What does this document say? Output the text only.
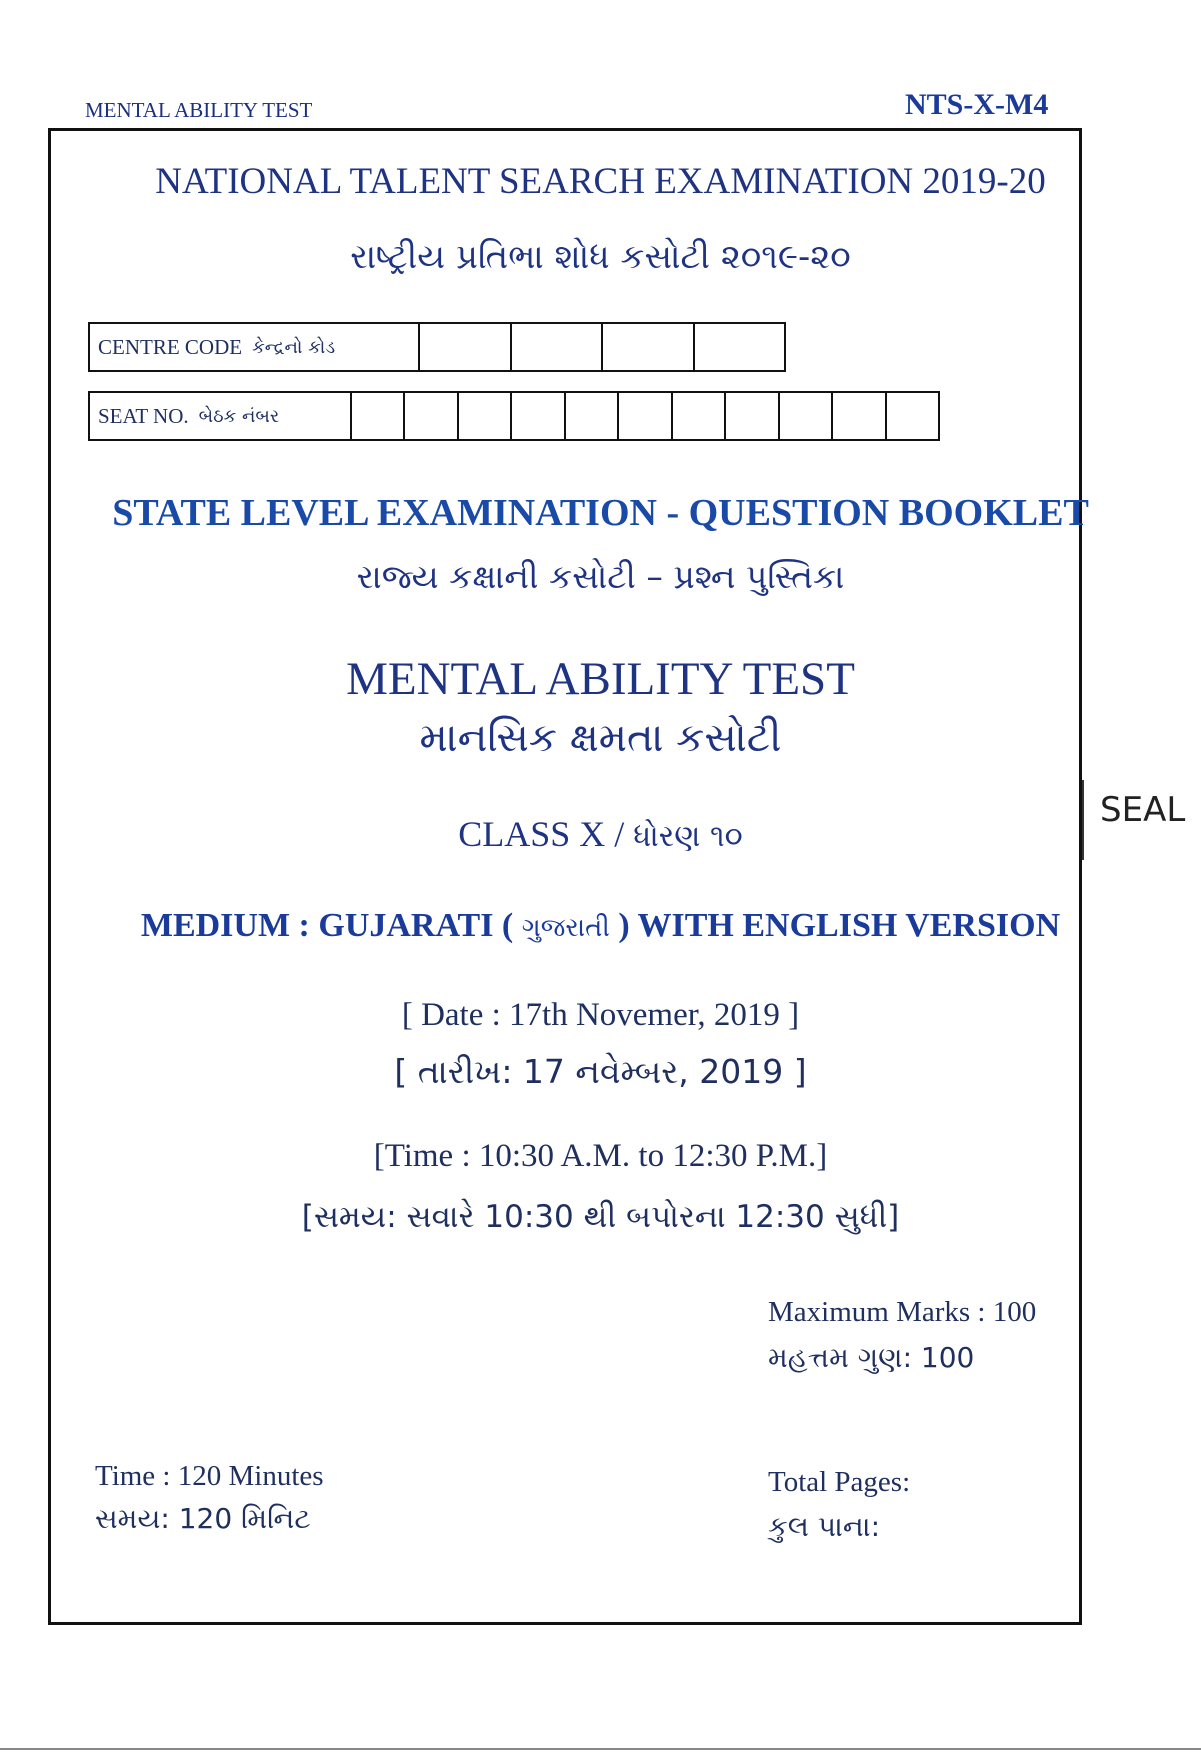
MENTAL ABILITY TEST	NTS-X-M4
NATIONAL TALENT SEARCH EXAMINATION 2019-20
રાષ્ટ્રીય પ્રતિભા શોધ કસોટી ૨૦૧૯-૨૦
CENTRE CODE કેન્દ્રનો કોડ
SEAT NO. બેઠક નંબર
STATE LEVEL EXAMINATION - QUESTION BOOKLET
રાજ્ય કક્ષાની કસોટી – પ્રશ્ન પુસ્તિકા
MENTAL ABILITY TEST
માનસિક ક્ષમતા કસોટી
CLASS X / ધોરણ ૧૦
MEDIUM : GUJARATI ( ગુજરાતી ) WITH ENGLISH VERSION
[ Date : 17th Novemer, 2019 ]
[ તારીખ: 17 નવેમ્બર, 2019 ]
[Time : 10:30 A.M. to 12:30 P.M.]
[સમય: સવારે 10:30 થી બપોરના 12:30 સુધી]
Maximum Marks : 100
મહત્તમ ગુણ: 100
Time : 120 Minutes
સમય: 120 મિનિટ
Total Pages:
કુલ પાના:
SEAL
